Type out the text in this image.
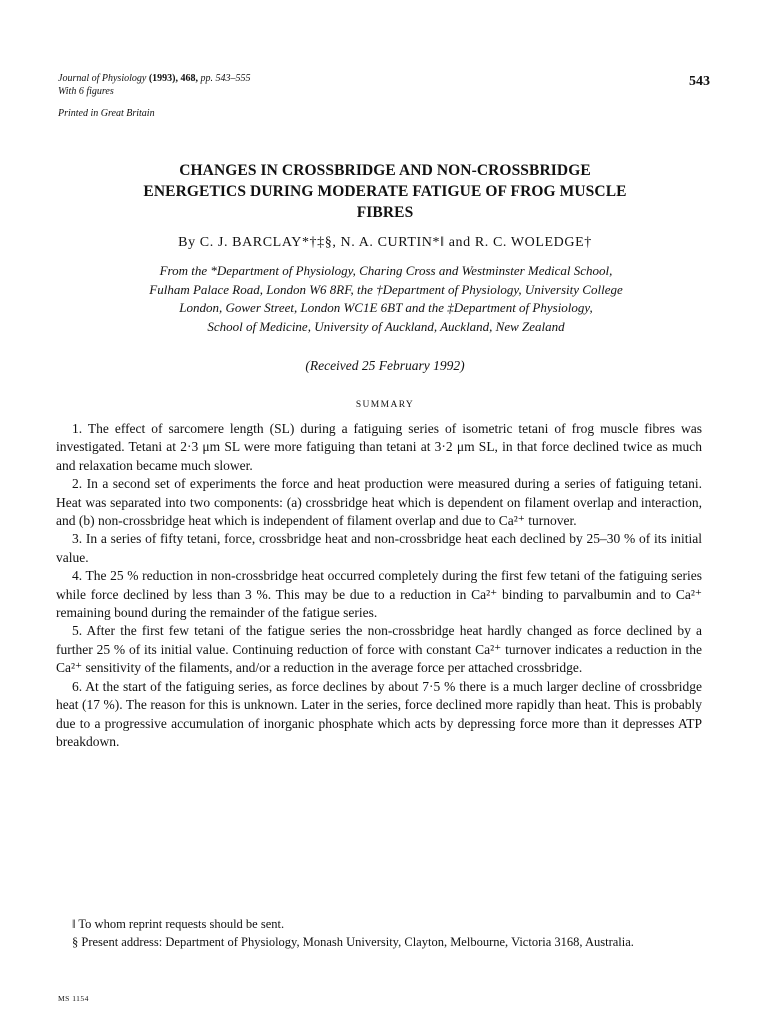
Journal of Physiology (1993), 468, pp. 543–555
With 6 figures
543
Printed in Great Britain
CHANGES IN CROSSBRIDGE AND NON-CROSSBRIDGE
ENERGETICS DURING MODERATE FATIGUE OF FROG MUSCLE
FIBRES
By C. J. BARCLAY*†‡§, N. A. CURTIN*‖ and R. C. WOLEDGE†
From the *Department of Physiology, Charing Cross and Westminster Medical School,
Fulham Palace Road, London W6 8RF, the †Department of Physiology, University College
London, Gower Street, London WC1E 6BT and the ‡Department of Physiology,
School of Medicine, University of Auckland, Auckland, New Zealand
(Received 25 February 1992)
SUMMARY

1. The effect of sarcomere length (SL) during a fatiguing series of isometric tetani of frog muscle fibres was investigated. Tetani at 2·3 μm SL were more fatiguing than tetani at 3·2 μm SL, in that force declined twice as much and relaxation became much slower.

2. In a second set of experiments the force and heat production were measured during a series of fatiguing tetani. Heat was separated into two components: (a) crossbridge heat which is dependent on filament overlap and interaction, and (b) non-crossbridge heat which is independent of filament overlap and due to Ca²⁺ turnover.

3. In a series of fifty tetani, force, crossbridge heat and non-crossbridge heat each declined by 25–30 % of its initial value.

4. The 25 % reduction in non-crossbridge heat occurred completely during the first few tetani of the fatiguing series while force declined by less than 3 %. This may be due to a reduction in Ca²⁺ binding to parvalbumin and to Ca²⁺ remaining bound during the remainder of the fatigue series.

5. After the first few tetani of the fatigue series the non-crossbridge heat hardly changed as force declined by a further 25 % of its initial value. Continuing reduction of force with constant Ca²⁺ turnover indicates a reduction in the Ca²⁺ sensitivity of the filaments, and/or a reduction in the average force per attached crossbridge.

6. At the start of the fatiguing series, as force declines by about 7·5 % there is a much larger decline of crossbridge heat (17 %). The reason for this is unknown. Later in the series, force declined more rapidly than heat. This is probably due to a progressive accumulation of inorganic phosphate which acts by depressing force more than it depresses ATP breakdown.

‖ To whom reprint requests should be sent.

§ Present address: Department of Physiology, Monash University, Clayton, Melbourne, Victoria 3168, Australia.

MS 1154
